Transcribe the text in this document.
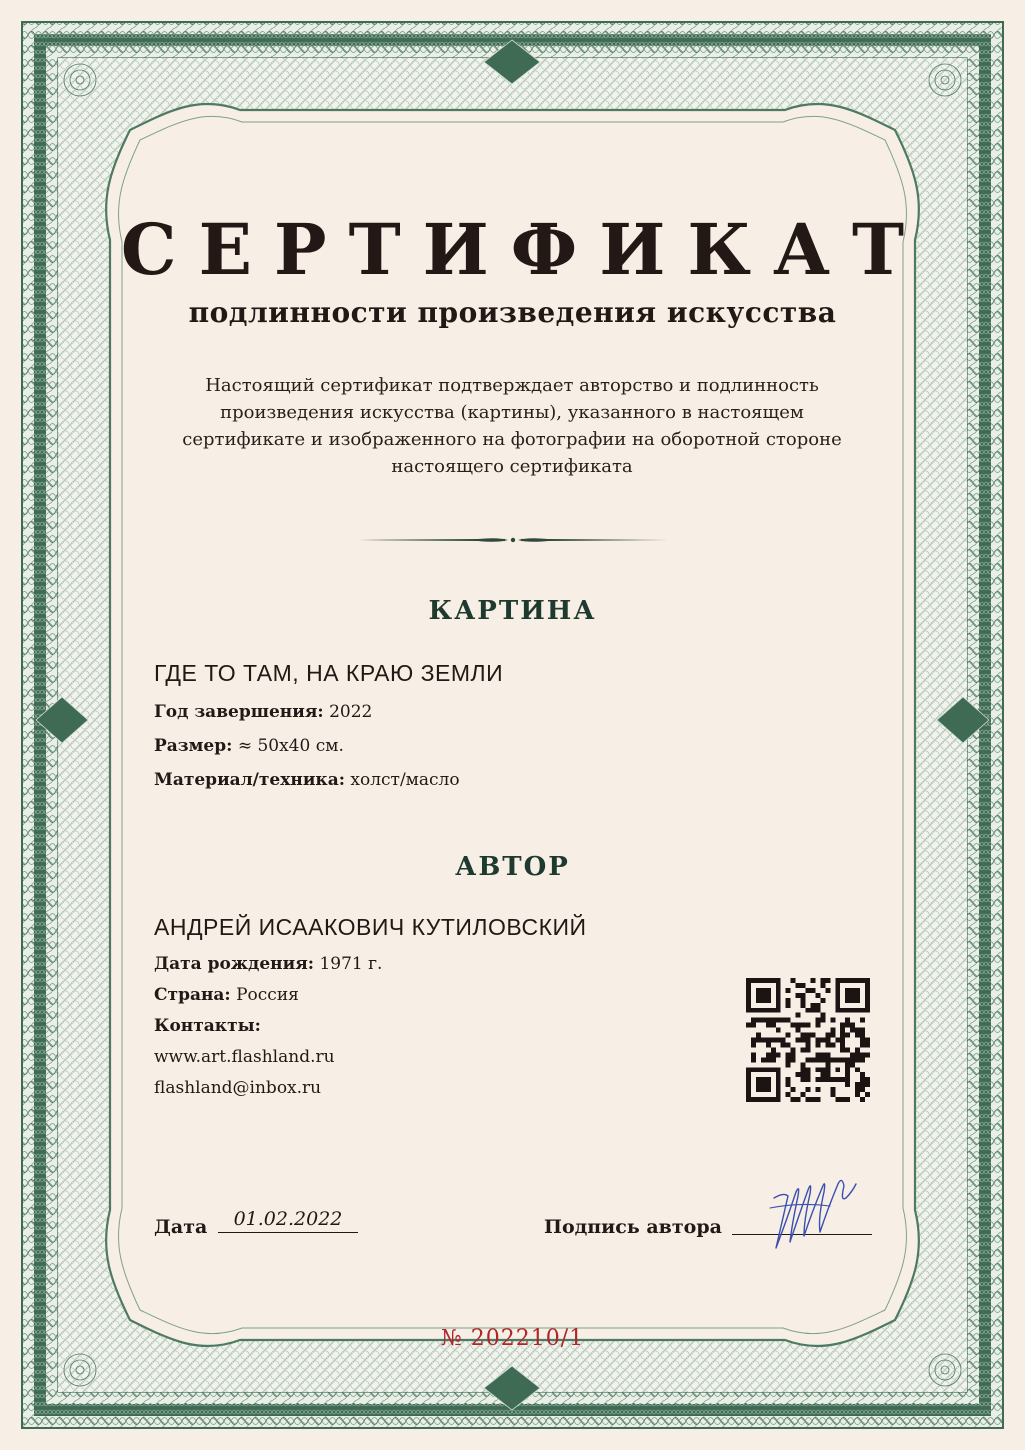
СЕРТИФИКАТ
подлинности произведения искусства
Настоящий сертификат подтверждает авторство и подлинность произведения искусства (картины), указанного в настоящем сертификате и изображенного на фотографии на оборотной стороне настоящего сертификата
КАРТИНА
ГДЕ ТО ТАМ, НА КРАЮ ЗЕМЛИ
Год завершения: 2022
Размер: ≈ 50х40 см.
Материал/техника: холст/масло
АВТОР
АНДРЕЙ ИСААКОВИЧ КУТИЛОВСКИЙ
Дата рождения: 1971 г.
Страна: Россия
Контакты:
www.art.flashland.ru
flashland@inbox.ru
Дата	01.02.2022	Подпись автора
№ 202210/1
